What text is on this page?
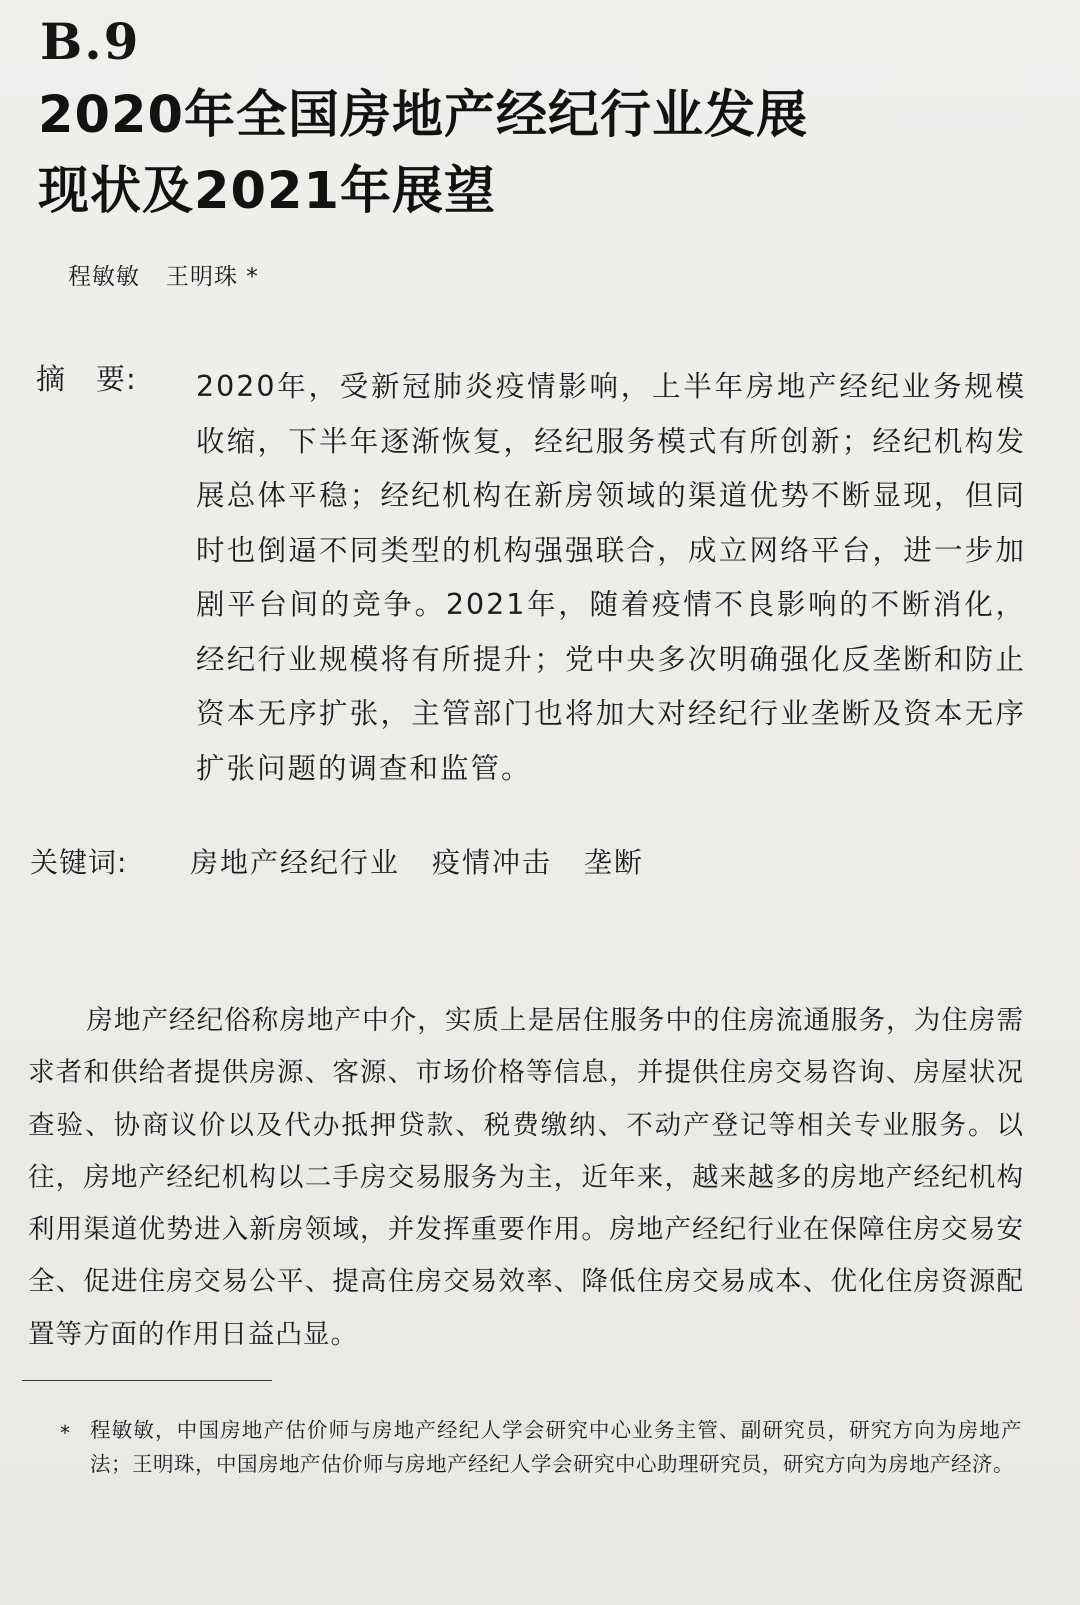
B.9
2020年全国房地产经纪行业发展
现状及2021年展望
程敏敏 王明珠 *
摘　要: 2020年，受新冠肺炎疫情影响，上半年房地产经纪业务规模收缩，下半年逐渐恢复，经纪服务模式有所创新；经纪机构发展总体平稳；经纪机构在新房领域的渠道优势不断显现，但同时也倒逼不同类型的机构强强联合，成立网络平台，进一步加剧平台间的竞争。2021年，随着疫情不良影响的不断消化，经纪行业规模将有所提升；党中央多次明确强化反垄断和防止资本无序扩张，主管部门也将加大对经纪行业垄断及资本无序扩张问题的调查和监管。
关键词: 房地产经纪行业 疫情冲击 垄断
房地产经纪俗称房地产中介，实质上是居住服务中的住房流通服务，为住房需求者和供给者提供房源、客源、市场价格等信息，并提供住房交易咨询、房屋状况查验、协商议价以及代办抵押贷款、税费缴纳、不动产登记等相关专业服务。以往，房地产经纪机构以二手房交易服务为主，近年来，越来越多的房地产经纪机构利用渠道优势进入新房领域，并发挥重要作用。房地产经纪行业在保障住房交易安全、促进住房交易公平、提高住房交易效率、降低住房交易成本、优化住房资源配置等方面的作用日益凸显。
* 程敏敏，中国房地产估价师与房地产经纪人学会研究中心业务主管、副研究员，研究方向为房地产法；王明珠，中国房地产估价师与房地产经纪人学会研究中心助理研究员，研究方向为房地产经济。
